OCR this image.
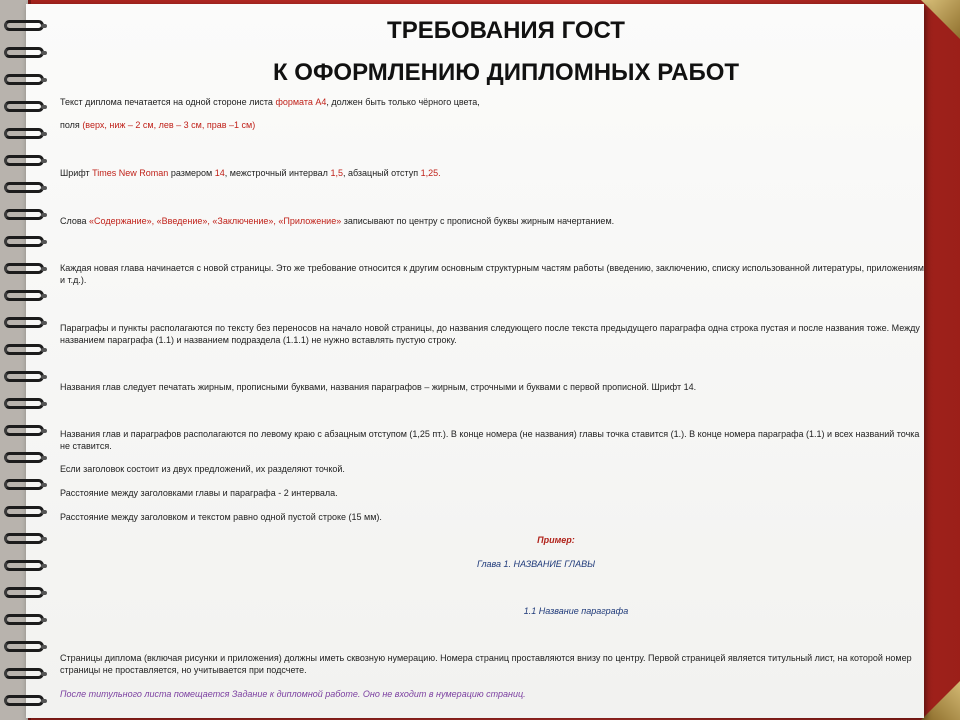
ТРЕБОВАНИЯ ГОСТ
К ОФОРМЛЕНИЮ ДИПЛОМНЫХ РАБОТ

Текст диплома печатается на одной стороне листа формата А4, должен быть только чёрного цвета,

поля (верх, ниж – 2 см, лев – 3 см, прав –1 см)

Шрифт Times New Roman размером 14, межстрочный интервал 1,5, абзацный отступ 1,25.

Слова «Содержание», «Введение», «Заключение», «Приложение» записывают по центру с прописной буквы жирным начертанием.

Каждая новая глава начинается с новой страницы. Это же требование относится к другим основным структурным частям работы (введению, заключению, списку использованной литературы, приложениям и т.д.).

Параграфы и пункты располагаются по тексту без переносов на начало новой страницы, до названия следующего после текста предыдущего параграфа одна строка пустая и после названия тоже. Между названием параграфа (1.1) и названием подраздела (1.1.1) не нужно вставлять пустую строку.

Названия глав следует печатать жирным, прописными буквами, названия параграфов – жирным, строчными и буквами с первой прописной. Шрифт 14.

Названия глав и параграфов располагаются по левому краю с абзацным отступом (1,25 пт.). В конце номера (не названия) главы точка ставится (1.). В конце номера параграфа (1.1) и всех названий точка не ставится.

Если заголовок состоит из двух предложений, их разделяют точкой.

Расстояние между заголовками главы и параграфа - 2 интервала.

Расстояние между заголовком и текстом равно одной пустой строке (15 мм).

Пример:

Глава 1. НАЗВАНИЕ ГЛАВЫ

1.1 Название параграфа

Страницы диплома (включая рисунки и приложения) должны иметь сквозную нумерацию. Номера страниц проставляются внизу по центру. Первой страницей является титульный лист, на которой номер страницы не проставляется, но учитывается при подсчете.

После титульного листа помещается Задание к дипломной работе. Оно не входит в нумерацию страниц.
